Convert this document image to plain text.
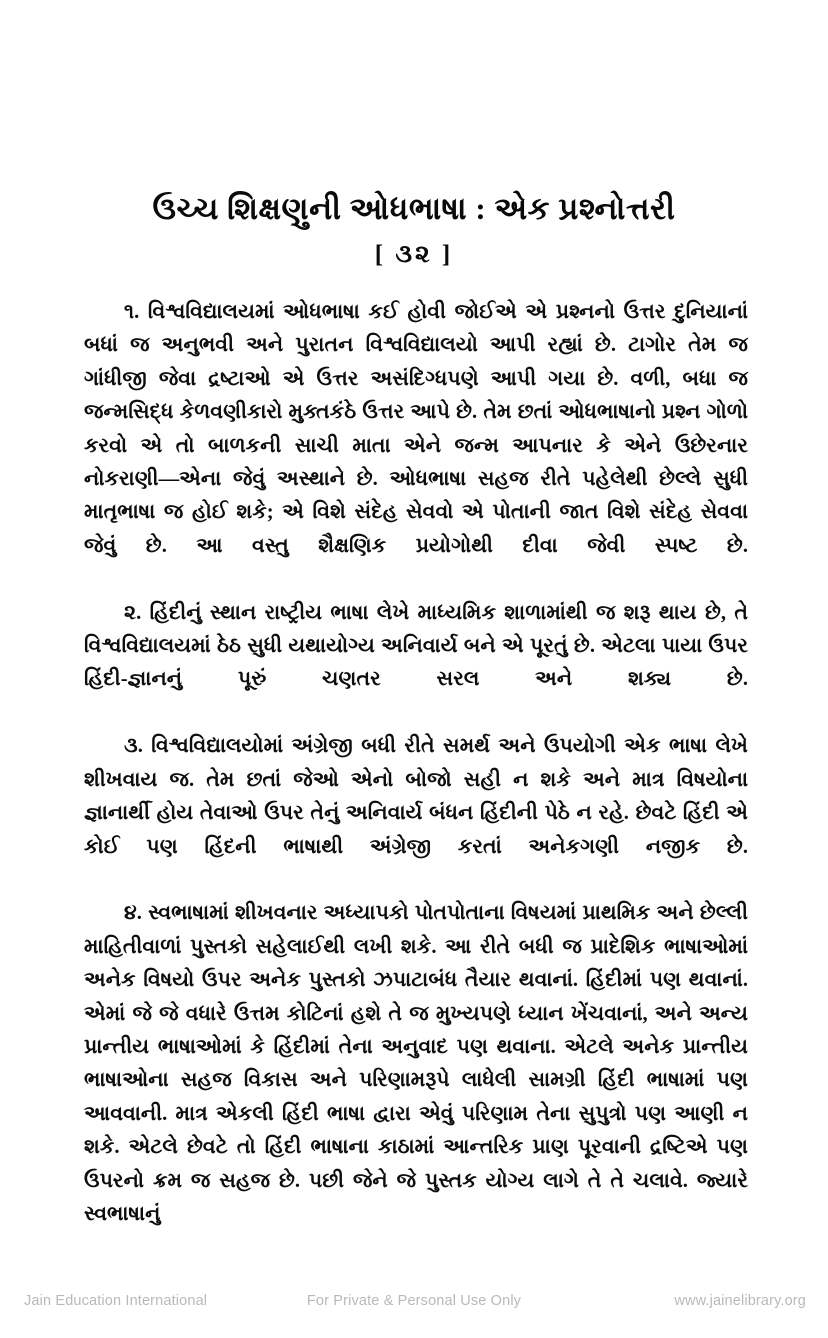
ઉચ્ચ શિક્ષણુની ઓધભાષા : એક પ્રશ્નોત્તરી
[ ૩૨ ]

૧. વિશ્વવિદ્યાલયમાં ઓધભાષા કઈ હોવી જોઈએ એ પ્રશ્નનો ઉત્તર દુનિયાનાં બધાં જ અનુભવી અને પુરાતન વિશ્વવિદ્યાલયો આપી રહ્યાં છે. ટાગોર તેમ જ ગાંધીજી જેવા દ્રષ્ટાઓ એ ઉત્તર અસંદિગ્ધપણે આપી ગયા છે. વળી, બધા જ જન્મસિદ્ધ કેળવણીકારો મુક્તકંઠે ઉત્તર આપે છે. તેમ છતાં ઓધભાષાનો પ્રશ્ન ગોળો કરવો એ તો બાળકની સાચી માતા એને જન્મ આપનાર કે એને ઉછેરનાર નોકરાણી—એના જેવું અસ્થાને છે. ઓધભાષા સહજ રીતે પહેલેથી છેલ્લે સુધી માતૃભાષા જ હોઈ શકે; એ વિશે સંદેહ સેવવો એ પોતાની જાત વિશે સંદેહ સેવવા જેવું છે. આ વસ્તુ શૈક્ષણિક પ્રયોગોથી દીવા જેવી સ્પષ્ટ છે.

૨. હિંદીનું સ્થાન રાષ્ટ્રીય ભાષા લેખે માધ્યમિક શાળામાંથી જ શરૂ થાય છે, તે વિશ્વવિદ્યાલયમાં ઠેઠ સુધી યથાયોગ્ય અનિવાર્ય બને એ પૂરતું છે. એટલા પાયા ઉપર હિંદી-જ્ઞાનનું પૂરું ચણતર સરલ અને શક્ય છે.

૩. વિશ્વવિદ્યાલયોમાં અંગ્રેજી બધી રીતે સમર્થ અને ઉપયોગી એક ભાષા લેખે શીખવાય જ. તેમ છતાં જેઓ એનો બોજો સહી ન શકે અને માત્ર વિષયોના જ્ઞાનાર્થી હોય તેવાઓ ઉપર તેનું અનિવાર્ય બંધન હિંદીની પેઠે ન રહે. છેવટે હિંદી એ કોઈ પણ હિંદની ભાષાથી અંગ્રેજી કરતાં અનેકગણી નજીક છે.

૪. સ્વભાષામાં શીખવનાર અધ્યાપકો પોતપોતાના વિષયમાં પ્રાથમિક અને છેલ્લી માહિતીવાળાં પુસ્તકો સહેલાઈથી લખી શકે. આ રીતે બધી જ પ્રાદેશિક ભાષાઓમાં અનેક વિષયો ઉપર અનેક પુસ્તકો ઝપાટાબંધ તૈયાર થવાનાં. હિંદીમાં પણ થવાનાં. એમાં જે જે વધારે ઉત્તમ કોટિનાં હશે તે જ મુખ્યપણે ધ્યાન ખેંચવાનાં, અને અન્ય પ્રાન્તીય ભાષાઓમાં કે હિંદીમાં તેના અનુવાદ પણ થવાના. એટલે અનેક પ્રાન્તીય ભાષાઓના સહજ વિકાસ અને પરિણામરૂપે લાધેલી સામગ્રી હિંદી ભાષામાં પણ આવવાની. માત્ર એકલી હિંદી ભાષા દ્વારા એવું પરિણામ તેના સુપુત્રો પણ આણી ન શકે. એટલે છેવટે તો હિંદી ભાષાના કાઠામાં આન્તરિક પ્રાણ પૂરવાની દ્રષ્ટિએ પણ ઉપરનો ક્રમ જ સહજ છે. પછી જેને જે પુસ્તક યોગ્ય લાગે તે તે ચલાવે. જ્યારે સ્વભાષાનું

Jain Education International	For Private & Personal Use Only	www.jainelibrary.org
